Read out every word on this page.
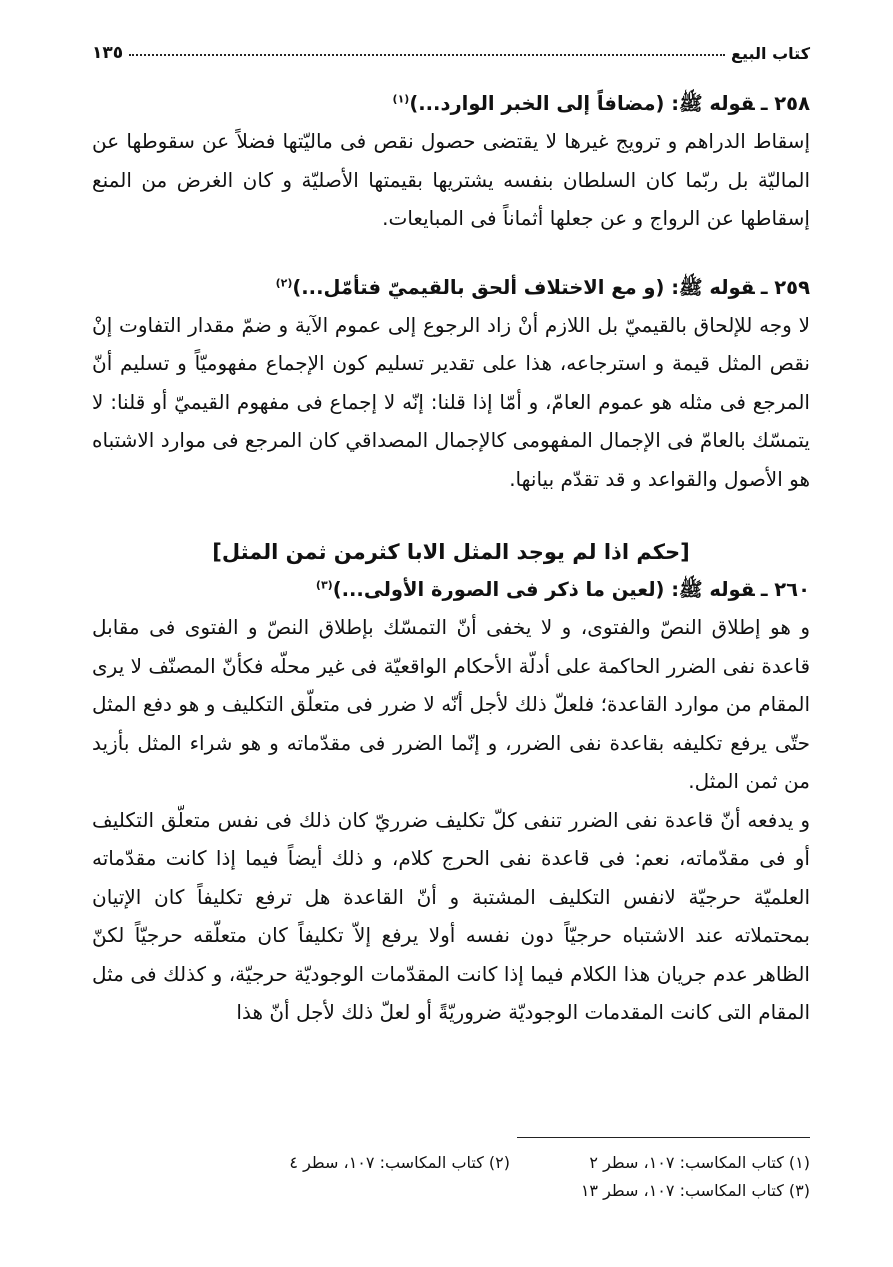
كتاب البيع
١٣٥
٢٥٨ ـقوله ﷺ: (مضافاً إلى الخبر الوارد...)$^{(١)}$

إسقاط الدراهم و ترويج غيرها لا يقتضى حصول نقص فى ماليّتها فضلاً عن سقوطها عن الماليّة بل ربّما كان السلطان بنفسه يشتريها بقيمتها الأصليّة و كان الغرض من المنع إسقاطها عن الرواج و عن جعلها أثماناً فى المبايعات.

٢٥٩ ـقوله ﷺ: (و مع الاختلاف ألحق بالقيميّ فتأمّل...)$^{(٢)}$

لا وجه للإلحاق بالقيميّ بل اللازم أنْ زاد الرجوع إلى عموم الآية و ضمّ مقدار التفاوت إنْ نقص المثل قيمة و استرجاعه، هذا على تقدير تسليم كون الإجماع مفهوميّاً و تسليم أنّ المرجع فى مثله هو عموم العامّ، و أمّا إذا قلنا: إنّه لا إجماع فى مفهوم القيميّ أو قلنا: لا يتمسّك بالعامّ فى الإجمال المفهومى كالإجمال المصداقي كان المرجع فى موارد الاشتباه هو الأصول والقواعد و قد تقدّم بيانها.

[حكم اذا لم يوجد المثل الابا كثرمن ثمن المثل]
٢٦٠ ـقوله ﷺ: (لعين ما ذكر فى الصورة الأولى...)$^{(٣)}$

و هو إطلاق النصّ والفتوى، و لا يخفى أنّ التمسّك بإطلاق النصّ و الفتوى فى مقابل قاعدة نفى الضرر الحاكمة على أدلّة الأحكام الواقعيّة فى غير محلّه فكأنّ المصنّف لا يرى المقام من موارد القاعدة؛ فلعلّ ذلك لأجل أنّه لا ضرر فى متعلّق التكليف و هو دفع المثل حتّى يرفع تكليفه بقاعدة نفى الضرر، و إنّما الضرر فى مقدّماته و هو شراء المثل بأزيد من ثمن المثل.

و يدفعه أنّ قاعدة نفى الضرر تنفى كلّ تكليف ضرريّ كان ذلك فى نفس متعلّق التكليف أو فى مقدّماته، نعم: فى قاعدة نفى الحرج كلام، و ذلك أيضاً فيما إذا كانت مقدّماته العلميّة حرجيّة لانفس التكليف المشتبة و أنّ القاعدة هل ترفع تكليفاً كان الإتيان بمحتملاته عند الاشتباه حرجيّاً دون نفسه أولا يرفع إلاّ تكليفاً كان متعلّقه حرجيّاً لكنّ الظاهر عدم جريان هذا الكلام فيما إذا كانت المقدّمات الوجوديّة حرجيّة، و كذلك فى مثل المقام التى كانت المقدمات الوجوديّة ضروريّةً أو لعلّ ذلك لأجل أنّ هذا

(١) كتاب المكاسب: ١٠٧، سطر ٢
(٢) كتاب المكاسب: ١٠٧، سطر ٤
(٣) كتاب المكاسب: ١٠٧، سطر ١٣
